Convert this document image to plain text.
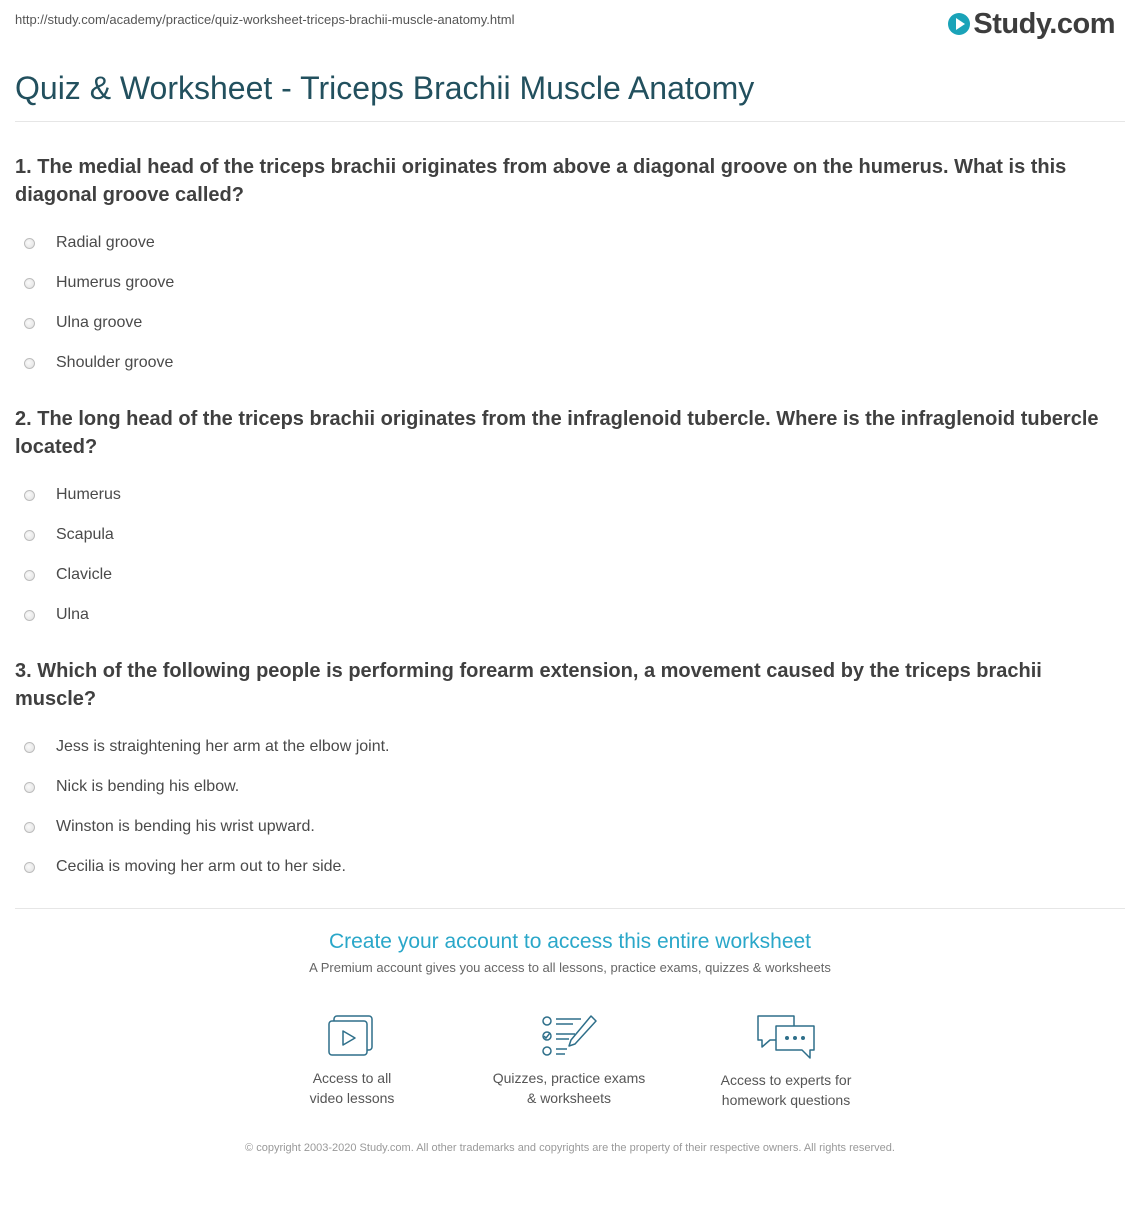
http://study.com/academy/practice/quiz-worksheet-triceps-brachii-muscle-anatomy.html	Study.com
Quiz & Worksheet - Triceps Brachii Muscle Anatomy
1. The medial head of the triceps brachii originates from above a diagonal groove on the humerus. What is this diagonal groove called?
Radial groove
Humerus groove
Ulna groove
Shoulder groove
2. The long head of the triceps brachii originates from the infraglenoid tubercle. Where is the infraglenoid tubercle located?
Humerus
Scapula
Clavicle
Ulna
3. Which of the following people is performing forearm extension, a movement caused by the triceps brachii muscle?
Jess is straightening her arm at the elbow joint.
Nick is bending his elbow.
Winston is bending his wrist upward.
Cecilia is moving her arm out to her side.
Create your account to access this entire worksheet
A Premium account gives you access to all lessons, practice exams, quizzes & worksheets
Access to all
video lessons
Quizzes, practice exams
& worksheets
Access to experts for
homework questions
© copyright 2003-2020 Study.com. All other trademarks and copyrights are the property of their respective owners. All rights reserved.
